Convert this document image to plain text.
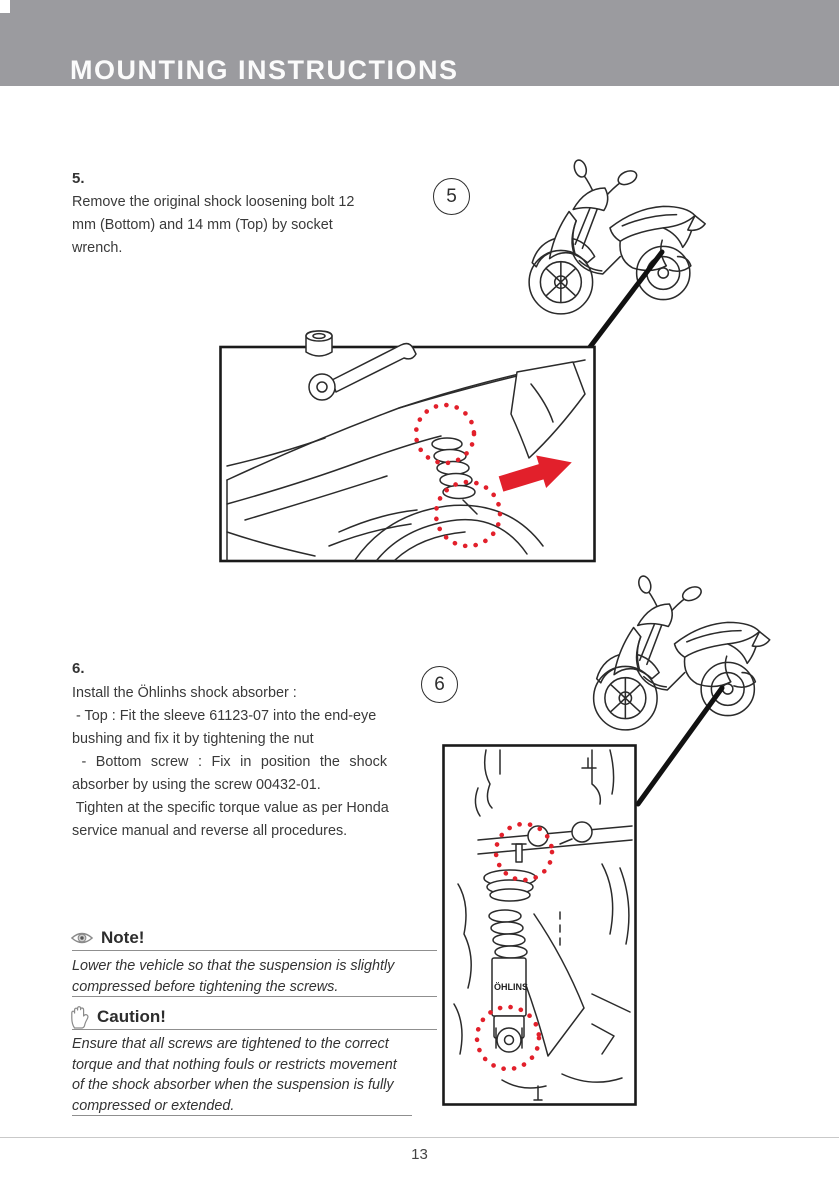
MOUNTING INSTRUCTIONS
5.
Remove the original shock loosening bolt 12
mm (Bottom) and 14 mm (Top) by socket
wrench.
5
6.
Install the Öhlinhs shock absorber :
- Top : Fit the sleeve 61123-07 into the end-eye
bushing and fix it by tightening the nut
- Bottom screw : Fix in position the shock
absorber by using the screw 00432-01.
Tighten at the specific torque value as per Honda
service manual and reverse all procedures.
6
ÖHLINS
Note!
Lower the vehicle so that the suspension is slightly
compressed before tightening the screws.
Caution!
Ensure that all screws are tightened to the correct
torque and that nothing fouls or restricts movement
of the shock absorber when the suspension is fully
compressed or extended.
13
